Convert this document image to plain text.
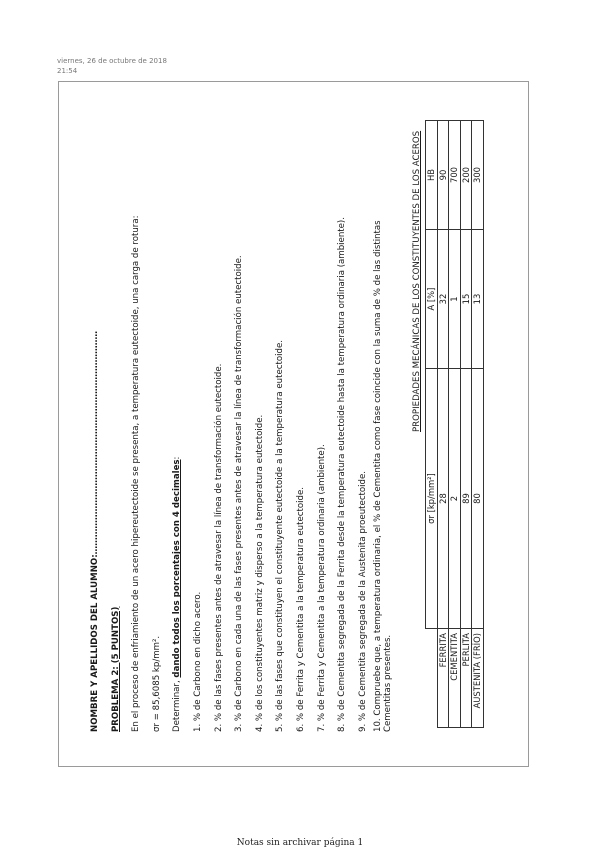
viernes, 26 de octubre de 2018
21:54

NOMBRE Y APELLIDOS DEL ALUMNO:……………………………………………………………………	PROBLEMA 2: (5 PUNTOS)	En el proceso de enfriamiento de un acero hipereutectoide se presenta, a temperatura eutectoide, una carga de rotura:	σr = 85,6085 kp/mm².	Determinar, dando todos los porcentajes con 4 decimales:

1. % de Carbono en dicho acero.	2. % de las fases presentes antes de atravesar la línea de transformación eutectoide.	3. % de Carbono en cada una de las fases presentes antes de atravesar la línea de transformación eutectoide.	4. % de los constituyentes matriz y disperso a la temperatura eutectoide.	5. % de las fases que constituyen el constituyente eutectoide a la temperatura eutectoide.	6. % de Ferrita y Cementita a la temperatura eutectoide.	7. % de Ferrita y Cementita a la temperatura ordinaria (ambiente).	8. % de Cementita segregada de la Ferrita desde la temperatura eutectoide hasta la temperatura ordinaria (ambiente).	9. % de Cementita segregada de la Austenita proeutectoide. 10. Compruebe que, a temperatura ordinaria, el % de Cementita como fase coincide con la suma de % de las distintas Cementitas presentes.

PROPIEDADES MECÁNICAS DE LOS CONSTITUYENTES DE LOS ACEROS
	σr [kp/mm²]	A [%]	HB
FERRITA	28	32	90
CEMENTITA	2	1	700
PERLITA	89	15	200
AUSTENITA (FRÍO)	80	13	300
Notas sin archivar página 1
